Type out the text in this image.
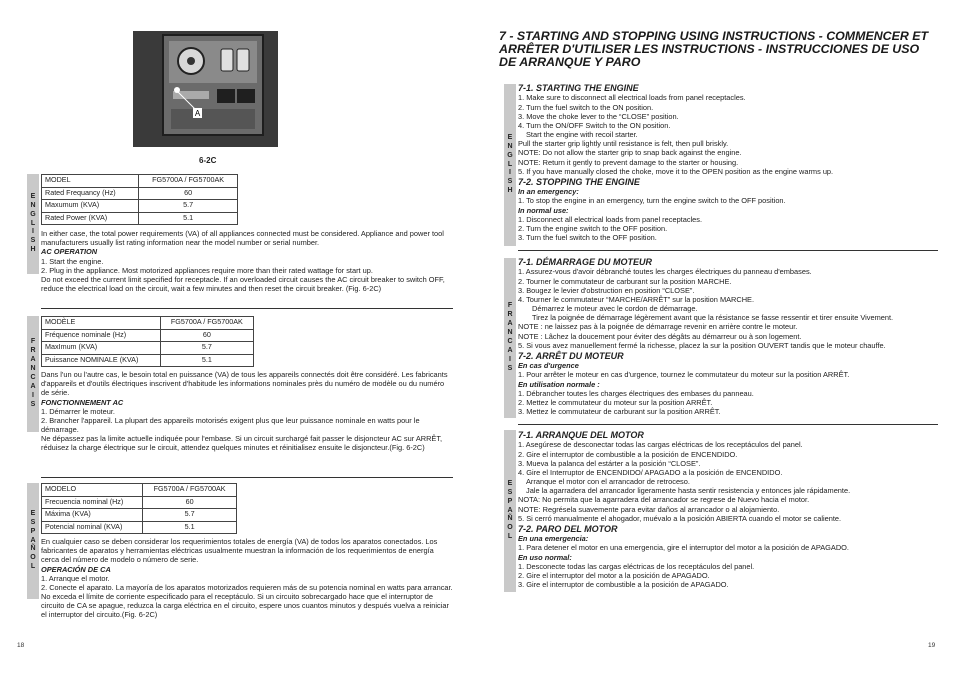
A
6-2C
E
N
G
L
I
S
H
MODEL	FG5700A / FG5700AK
Rated Frequancy (Hz)	60
Maxumum (KVA)	5.7
Rated Power (KVA)	5.1

In either case, the total power requirements (VA) of all appliances connected must be considered. Appliance and power tool manufacturers usually list rating information near the model number or serial number.

AC OPERATION

1. Start the engine.

2. Plug in the appliance. Most motorized appliances require more than their rated wattage for start up.

Do not exceed the current limit specified for receptacle. If an overloaded circuit causes the AC circuit breaker to switch OFF, reduce the electrical load on the circuit, wait a few minutes and then reset the circuit breaker. (Fig. 6-2C)

F
R
A
N
C
A
I
S
MODÈLE	FG5700A / FG5700AK
Fréquence nominale (Hz)	60
MaxImum (KVA)	5.7
Puissance NOMINALE (KVA)	5.1

Dans l'un ou l'autre cas, le besoin total en puissance (VA) de tous les appareils connectés doit être considéré. Les fabricants d'appareils et d'outils électriques inscrivent d'habitude les informations nominales près du numéro de modèle ou du numéro de série.

FONCTIONNEMENT AC

1. Démarrer le moteur.

2. Brancher l'appareil. La plupart des appareils motorisés exigent plus que leur puissance nominale en watts pour le démarrage.

Ne dépassez pas la limite actuelle indiquée pour l'embase. Si un circuit surchargé fait passer le disjoncteur AC sur ARRÊT, réduisez la charge électrique sur le circuit, attendez quelques minutes et réinitialisez ensuite le disjoncteur.(Fig. 6-2C)

E
S
P
A
Ñ
O
L
MODELO	FG5700A / FG5700AK
Frecuencia nominal (Hz)	60
Máxima (KVA)	5.7
Potencial nominal (KVA)	5.1

En cualquier caso se deben considerar los requerimientos totales de energía (VA) de todos los aparatos conectados. Los fabricantes de aparatos y herramientas eléctricas usualmente muestran la información de los requerimientos de energía cerca del número de modelo o número de serie.

OPERACIÓN DE CA

1. Arranque el motor.

2. Conecte el aparato. La mayoría de los aparatos motorizados requieren más de su potencia nominal en watts para arrancar.

No exceda el límite de corriente especificado para el receptáculo. Si un circuito sobrecargado hace que el interruptor de circuito de CA se apague, reduzca la carga eléctrica en el circuito, espere unos cuantos minutos y después vuelva a reiniciar el interruptor del circuito.(Fig. 6-2C)

18
7 - STARTING AND STOPPING USING INSTRUCTIONS - COMMENCER ET ARRÊTER D'UTILISER LES INSTRUCTIONS - INSTRUCCIONES DE USO DE ARRANQUE Y PARO
E
N
G
L
I
S
H
7-1. STARTING THE ENGINE

1. Make sure to disconnect all electrical loads from panel receptacles.

2. Turn the fuel switch to the ON position.

3. Move the choke lever to the “CLOSE” position.

4. Turn the ON/OFF Switch to the ON position.

Start the engine with recoil starter.

Pull the starter grip lightly until resistance is felt, then pull briskly.

NOTE: Do not allow the starter grip to snap back against the engine.

NOTE: Return it gently to prevent damage to the starter or housing.

5. If you have manually closed the choke, move it to the OPEN position as the engine warms up.

7-2. STOPPING THE ENGINE

In an emergency:

1. To stop the engine in an emergency, turn the engine switch to the OFF position.

In normal use:

1. Disconnect all electrical loads from panel receptacles.

2. Turn the engine switch to the OFF position.

3. Turn the fuel switch to the OFF position.

F
R
A
N
C
A
I
S
7-1. DÉMARRAGE DU MOTEUR

1. Assurez-vous d'avoir débranché toutes les charges électriques du panneau d'embases.

2. Tourner le commutateur de carburant sur la position MARCHE.

3. Bougez le levier d'obstruction en position “CLOSE”.

4. Tourner le commutateur “MARCHE/ARRÊT” sur la position MARCHE.

Démarrez le moteur avec le cordon de démarrage.

Tirez la poignée de démarrage légèrement avant que la résistance se fasse ressentir et tirer ensuite Vivement.

NOTE : ne laissez pas à la poignée de démarrage revenir en arrière contre le moteur.

NOTE : Lâchez la doucement pour éviter des dégâts au démarreur ou à son logement.

5. Si vous avez manuellement fermé la richesse, placez la sur la position OUVERT tandis que le moteur chauffe.

7-2. ARRÊT DU MOTEUR

En cas d'urgence

1. Pour arrêter le moteur en cas d'urgence, tournez le commutateur du moteur sur la position ARRÊT.

En utilisation normale :

1. Débrancher toutes les charges électriques des embases du panneau.

2. Mettez le commutateur du moteur sur la position ARRÊT.

3. Mettez le commutateur de carburant sur la position ARRÊT.

E
S
P
A
Ñ
O
L
7-1. ARRANQUE DEL MOTOR

1. Asegúrese de desconectar todas las cargas eléctricas de los receptáculos del panel.

2. Gire el interruptor de combustible a la posición de ENCENDIDO.

3. Mueva la palanca del estárter a la posición “CLOSE”.

4. Gire el Interruptor de ENCENDIDO/ APAGADO a la posición de ENCENDIDO.

Arranque el motor con el arrancador de retroceso.

Jale la agarradera del arrancador ligeramente hasta sentir resistencia y entonces jale rápidamente.

NOTA: No permita que la agarradera del arrancador se regrese de Nuevo hacia el motor.

NOTE: Regrésela suavemente para evitar daños al arrancador o al alojamiento.

5. Si cerró manualmente el ahogador, muévalo a la posición ABIERTA cuando el motor se caliente.

7-2. PARO DEL MOTOR

En una emergencia:

1. Para detener el motor en una emergencia, gire el interruptor del motor a la posición de APAGADO.

En uso normal:

1. Desconecte todas las cargas eléctricas de los receptáculos del panel.

2. Gire el interruptor del motor a la posición de APAGADO.

3. Gire el interruptor de combustible a la posición de APAGADO.

19
